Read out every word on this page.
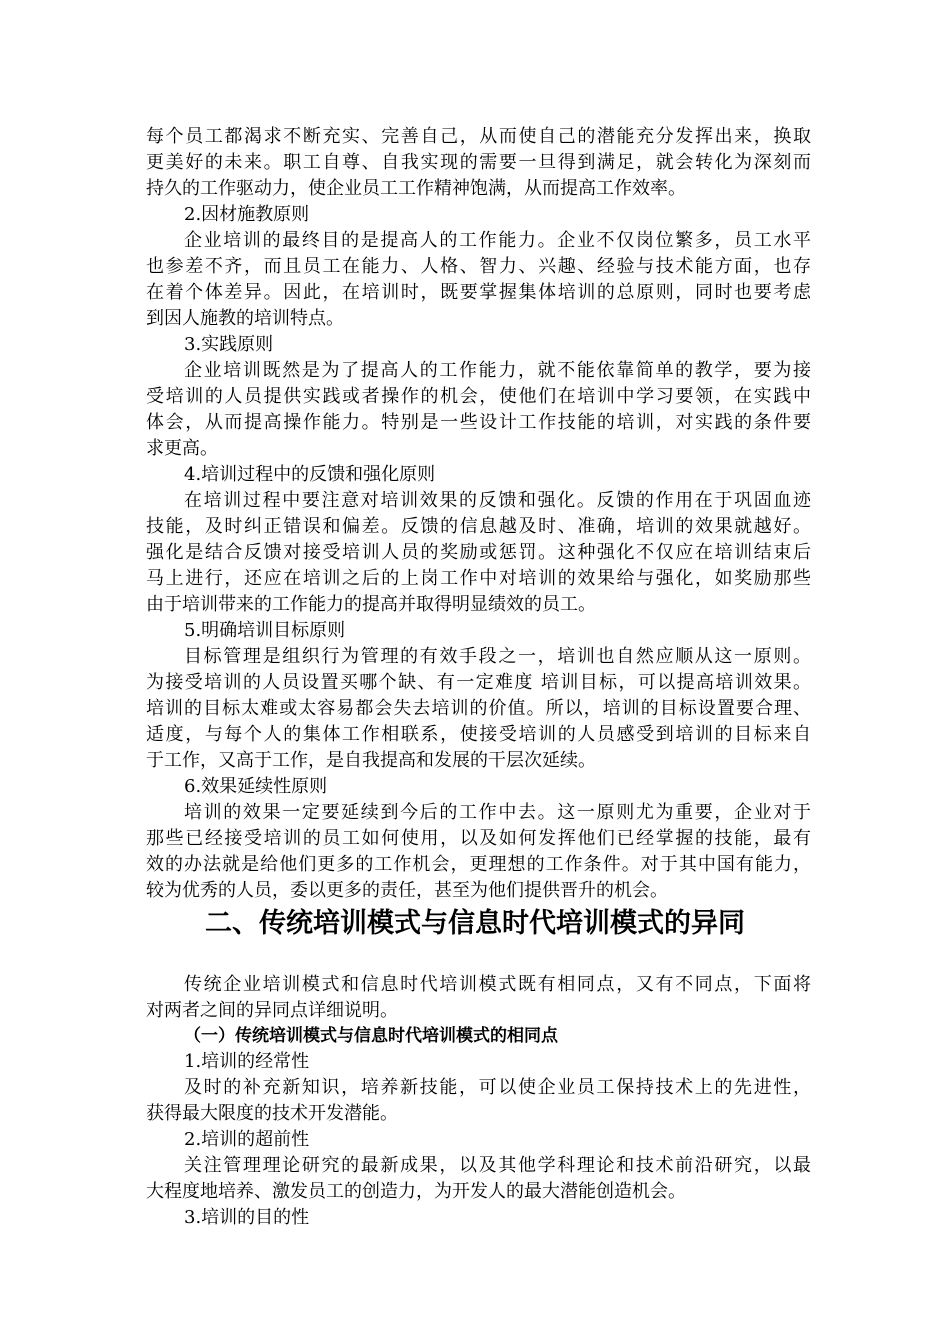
每个员工都渴求不断充实、完善自己，从而使自己的潜能充分发挥出来，换取
更美好的未来。职工自尊、自我实现的需要一旦得到满足，就会转化为深刻而
持久的工作驱动力，使企业员工工作精神饱满，从而提高工作效率。
2.因材施教原则
企业培训的最终目的是提高人的工作能力。企业不仅岗位繁多，员工水平
也参差不齐，而且员工在能力、人格、智力、兴趣、经验与技术能方面，也存
在着个体差异。因此，在培训时，既要掌握集体培训的总原则，同时也要考虑
到因人施教的培训特点。
3.实践原则
企业培训既然是为了提高人的工作能力，就不能依靠简单的教学，要为接
受培训的人员提供实践或者操作的机会，使他们在培训中学习要领，在实践中
体会，从而提高操作能力。特别是一些设计工作技能的培训，对实践的条件要
求更高。
4.培训过程中的反馈和强化原则
在培训过程中要注意对培训效果的反馈和强化。反馈的作用在于巩固血迹
技能，及时纠正错误和偏差。反馈的信息越及时、准确，培训的效果就越好。
强化是结合反馈对接受培训人员的奖励或惩罚。这种强化不仅应在培训结束后
马上进行，还应在培训之后的上岗工作中对培训的效果给与强化，如奖励那些
由于培训带来的工作能力的提高并取得明显绩效的员工。
5.明确培训目标原则
目标管理是组织行为管理的有效手段之一，培训也自然应顺从这一原则。
为接受培训的人员设置买哪个缺、有一定难度 培训目标，可以提高培训效果。
培训的目标太难或太容易都会失去培训的价值。所以，培训的目标设置要合理、
适度，与每个人的集体工作相联系，使接受培训的人员感受到培训的目标来自
于工作，又高于工作，是自我提高和发展的干层次延续。
6.效果延续性原则
培训的效果一定要延续到今后的工作中去。这一原则尤为重要，企业对于
那些已经接受培训的员工如何使用，以及如何发挥他们已经掌握的技能，最有
效的办法就是给他们更多的工作机会，更理想的工作条件。对于其中国有能力，
较为优秀的人员，委以更多的责任，甚至为他们提供晋升的机会。
二、传统培训模式与信息时代培训模式的异同
传统企业培训模式和信息时代培训模式既有相同点，又有不同点，下面将
对两者之间的异同点详细说明。
（一）传统培训模式与信息时代培训模式的相同点
1.培训的经常性
及时的补充新知识，培养新技能，可以使企业员工保持技术上的先进性，
获得最大限度的技术开发潜能。
2.培训的超前性
关注管理理论研究的最新成果，以及其他学科理论和技术前沿研究，以最
大程度地培养、激发员工的创造力，为开发人的最大潜能创造机会。
3.培训的目的性
